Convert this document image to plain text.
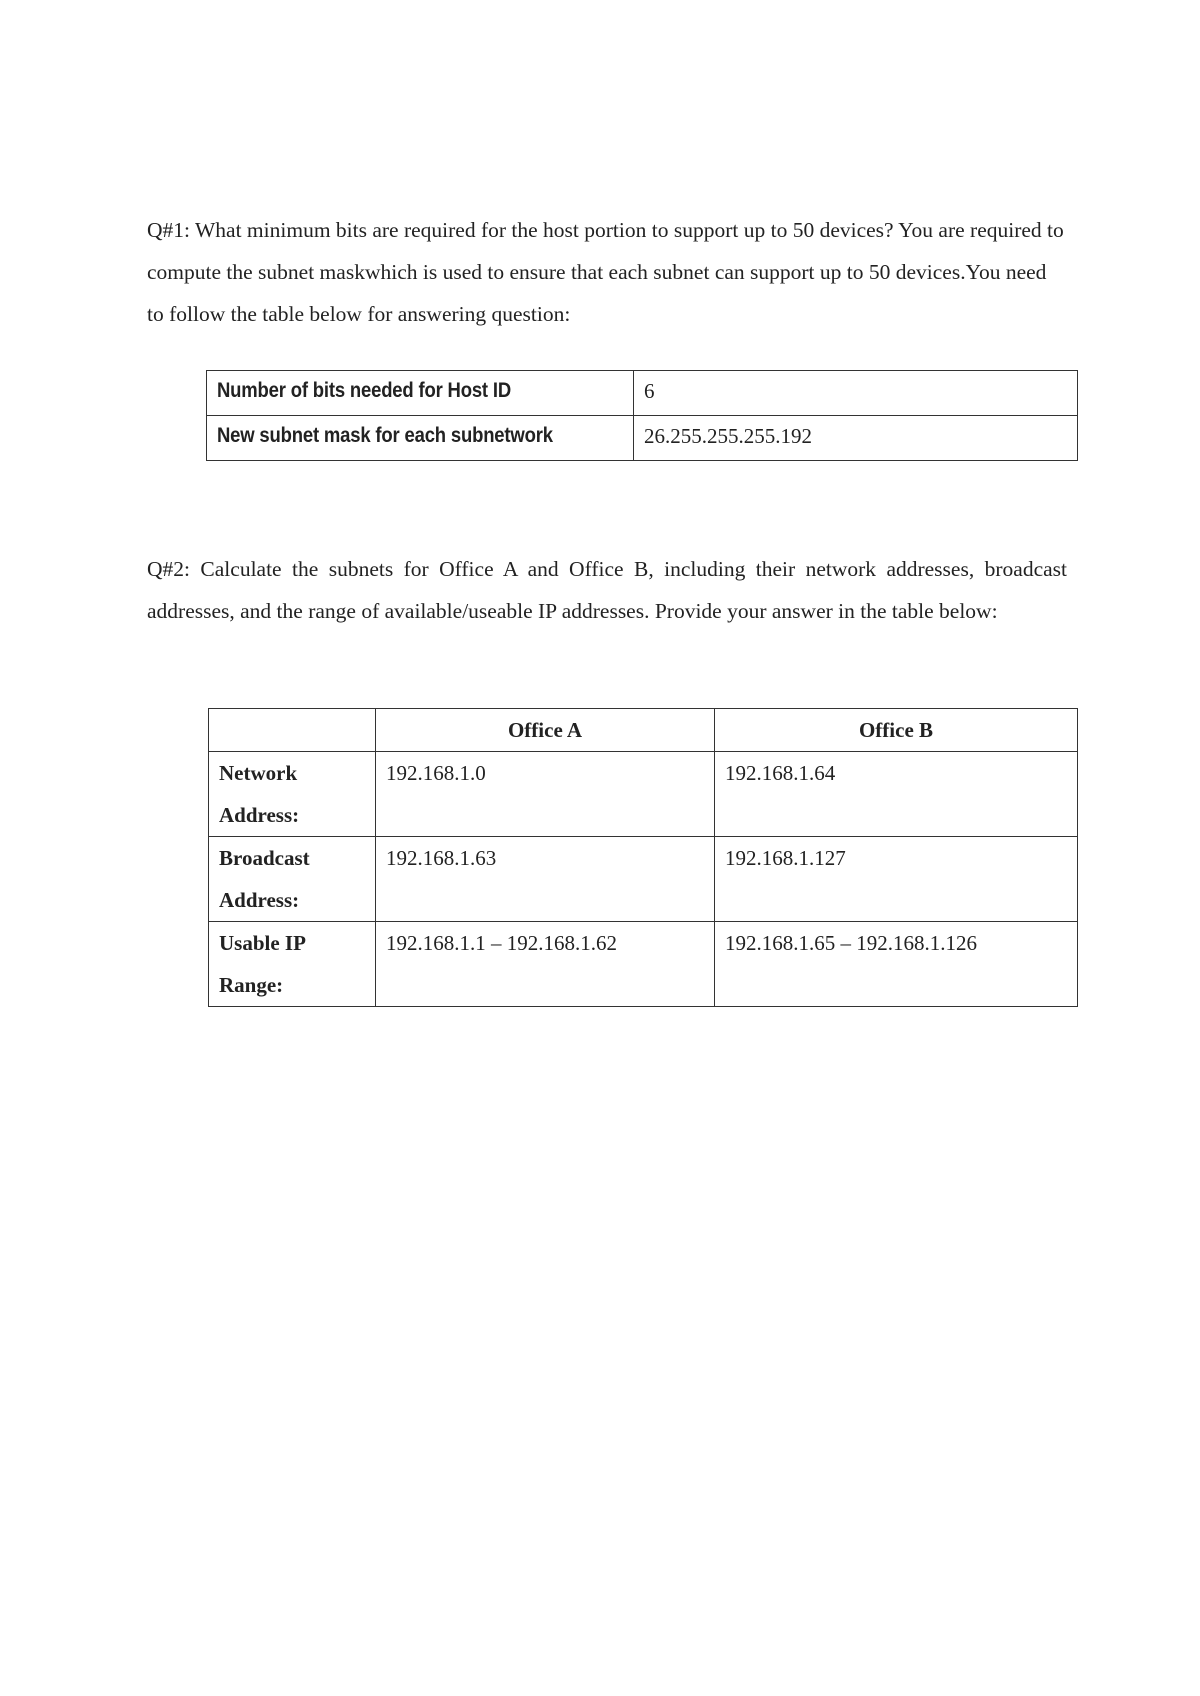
Q#1: What minimum bits are required for the host portion to support up to 50 devices? You are required to compute the subnet maskwhich is used to ensure that each subnet can support up to 50 devices.You need to follow the table below for answering question:

Number of bits needed for Host ID	6
New subnet mask for each subnetwork	26.255.255.255.192

Q#2: Calculate the subnets for Office A and Office B, including their network addresses, broadcast addresses, and the range of available/useable IP addresses. Provide your answer in the table below:

	Office A	Office B
Network Address:	192.168.1.0	192.168.1.64
Broadcast Address:	192.168.1.63	192.168.1.127
Usable IP Range:	192.168.1.1 – 192.168.1.62	192.168.1.65 – 192.168.1.126
